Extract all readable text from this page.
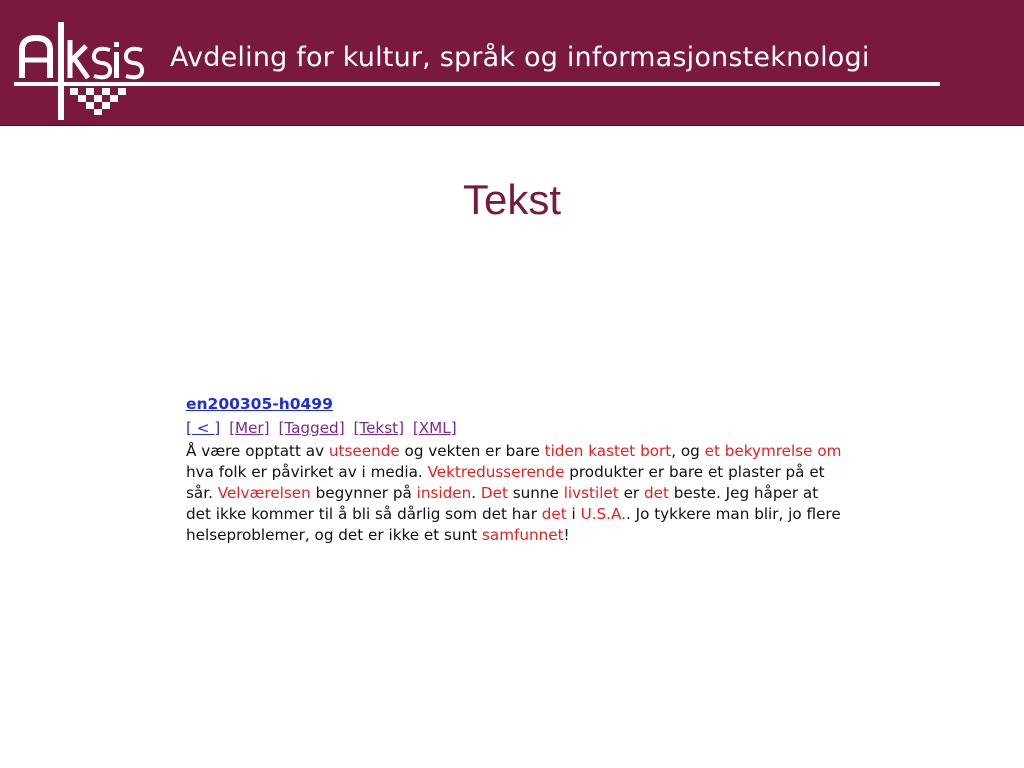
Avdeling for kultur, språk og informasjonsteknologi
Tekst
en200305-h0499
[ < ] [Mer] [Tagged] [Tekst] [XML]
Å være opptatt av utseende og vekten er bare tiden kastet bort, og et bekymrelse om hva folk er påvirket av i media. Vektredusserende produkter er bare et plaster på et sår. Velværelsen begynner på insiden. Det sunne livstilet er det beste. Jeg håper at det ikke kommer til å bli så dårlig som det har det i U.S.A.. Jo tykkere man blir, jo flere helseproblemer, og det er ikke et sunt samfunnet!
